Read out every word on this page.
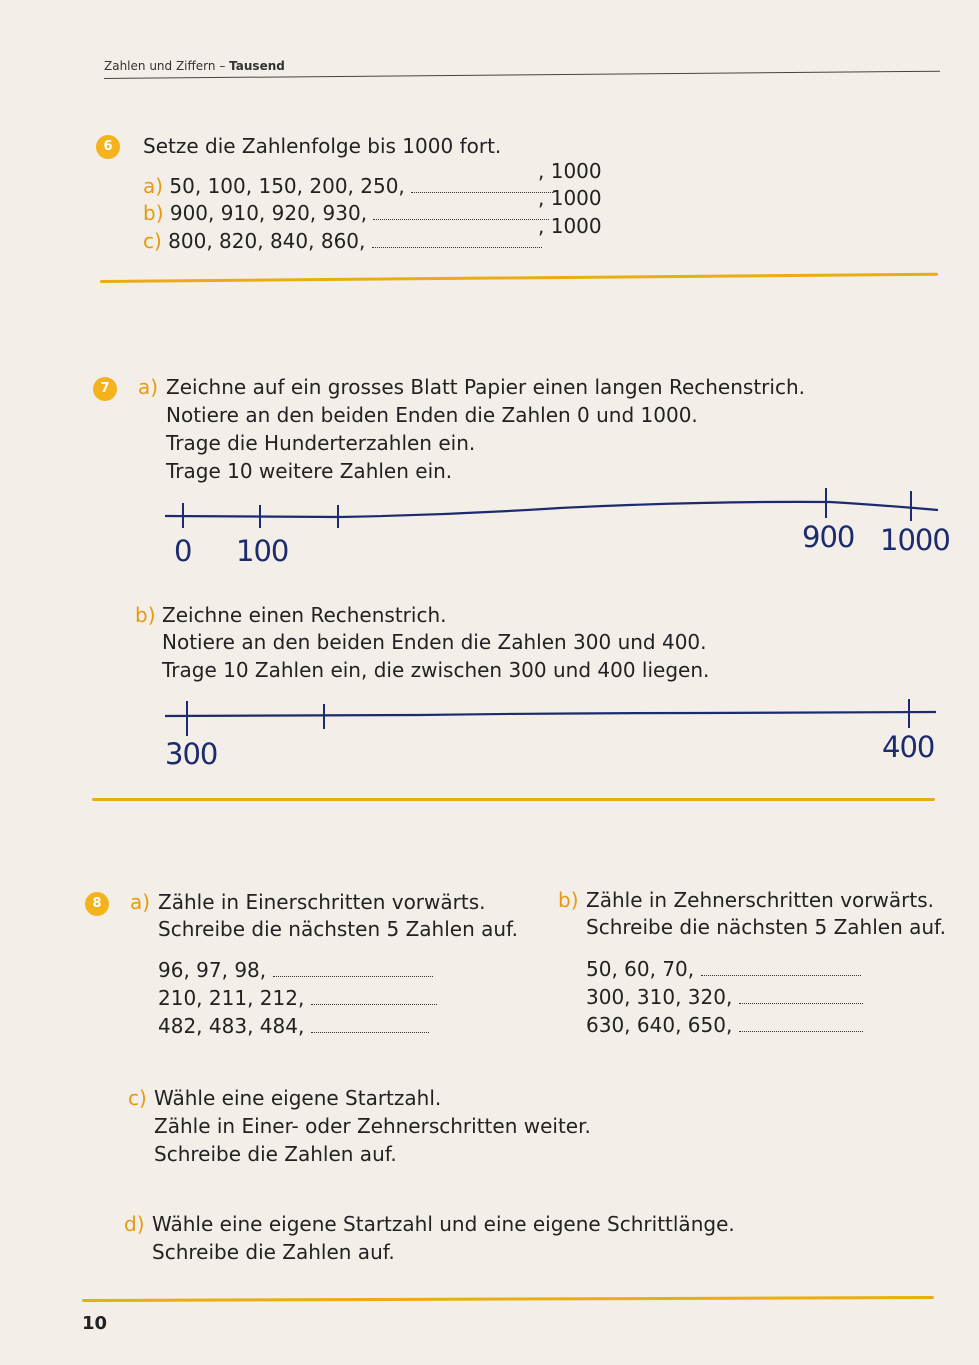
Zahlen und Ziffern – Tausend
6	Setze die Zahlenfolge bis 1000 fort.
a) 50, 100, 150, 200, 250,
, 1000
b) 900, 910, 920, 930,
, 1000
c) 800, 820, 840, 860,
, 1000
7	a) Zeichne auf ein grosses Blatt Papier einen langen Rechenstrich.
Notiere an den beiden Enden die Zahlen 0 und 1000.
Trage die Hunderterzahlen ein.
Trage 10 weitere Zahlen ein.
0 100	900 1000
b) Zeichne einen Rechenstrich.
Notiere an den beiden Enden die Zahlen 300 und 400.
Trage 10 Zahlen ein, die zwischen 300 und 400 liegen.
300	400
8	a) Zähle in Einerschritten vorwärts.
Schreibe die nächsten 5 Zahlen auf.
96, 97, 98,
210, 211, 212,
482, 483, 484,
b) Zähle in Zehnerschritten vorwärts.
Schreibe die nächsten 5 Zahlen auf.
50, 60, 70,
300, 310, 320,
630, 640, 650,
c) Wähle eine eigene Startzahl.
Zähle in Einer- oder Zehnerschritten weiter.
Schreibe die Zahlen auf.
d) Wähle eine eigene Startzahl und eine eigene Schrittlänge.
Schreibe die Zahlen auf.
10
